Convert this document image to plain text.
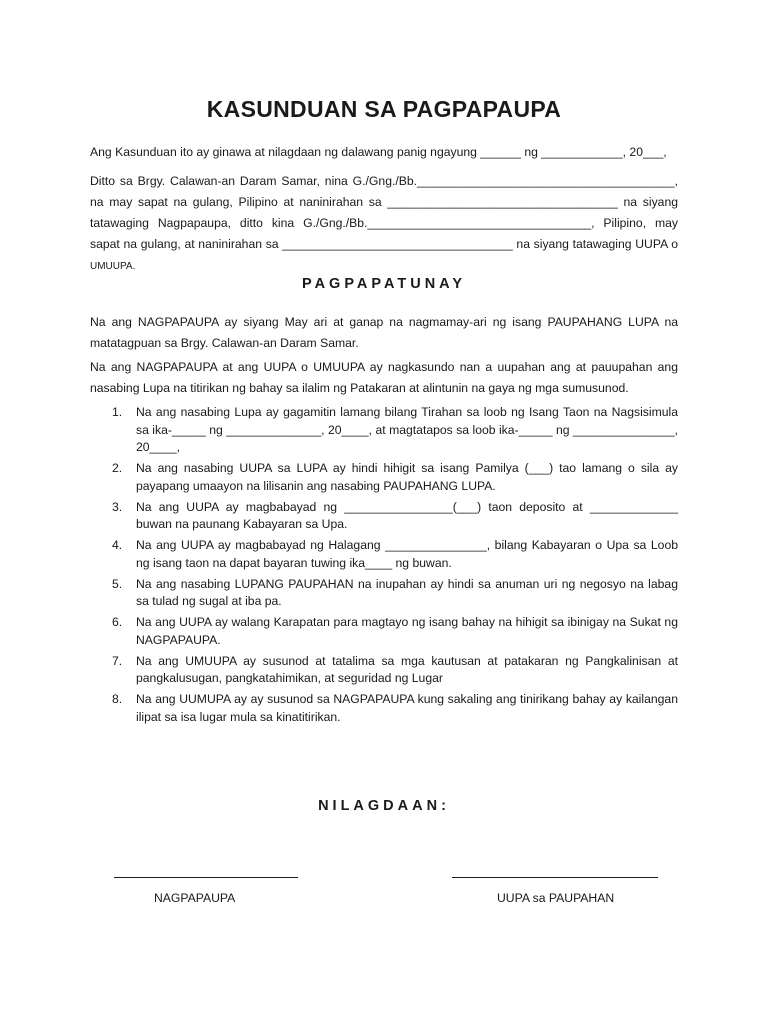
KASUNDUAN SA PAGPAPAUPA
Ang Kasunduan ito ay ginawa at nilagdaan ng dalawang panig ngayung ______ ng ____________, 20___,
Ditto sa Brgy. Calawan-an Daram Samar, nina G./Gng./Bb.______________________________________, na may sapat na gulang, Pilipino at naninirahan sa __________________________________ na siyang tatawaging Nagpapaupa, ditto kina G./Gng./Bb._________________________________, Pilipino, may sapat na gulang, at naninirahan sa __________________________________ na siyang tatawaging UUPA o UMUUPA.
PAGPAPATUNAY
Na ang NAGPAPAUPA ay siyang May ari at ganap na nagmamay-ari ng isang PAUPAHANG LUPA na matatagpuan sa Brgy. Calawan-an Daram Samar.
Na ang NAGPAPAUPA at ang UUPA o UMUUPA ay nagkasundo nan a uupahan ang at pauupahan ang nasabing Lupa na titirikan ng bahay sa ilalim ng Patakaran at alintunin na gaya ng mga sumusunod.
1. Na ang nasabing Lupa ay gagamitin lamang bilang Tirahan sa loob ng Isang Taon na Nagsisimula sa ika-_____ ng ______________, 20____, at magtatapos sa loob ika-_____ ng _______________, 20____,
2. Na ang nasabing UUPA sa LUPA ay hindi hihigit sa isang Pamilya (___) tao lamang o sila ay payapang umaayon na lilisanin ang nasabing PAUPAHANG LUPA.
3. Na ang UUPA ay magbabayad ng ________________(___) taon deposito at _____________ buwan na paunang Kabayaran sa Upa.
4. Na ang UUPA ay magbabayad ng Halagang _______________, bilang Kabayaran o Upa sa Loob ng isang taon na dapat bayaran tuwing ika____ ng buwan.
5. Na ang nasabing LUPANG PAUPAHAN na inupahan ay hindi sa anuman uri ng negosyo na labag sa tulad ng sugal at iba pa.
6. Na ang UUPA ay walang Karapatan para magtayo ng isang bahay na hihigit sa ibinigay na Sukat ng NAGPAPAUPA.
7. Na ang UMUUPA ay susunod at tatalima sa mga kautusan at patakaran ng Pangkalinisan at pangkalusugan, pangkatahimikan, at seguridad ng Lugar
8. Na ang UUMUPA ay ay susunod sa NAGPAPAUPA kung sakaling ang tinirikang bahay ay kailangan ilipat sa isa lugar mula sa kinatitirikan.
NILAGDAAN:
NAGPAPAUPA	UUPA sa PAUPAHAN
